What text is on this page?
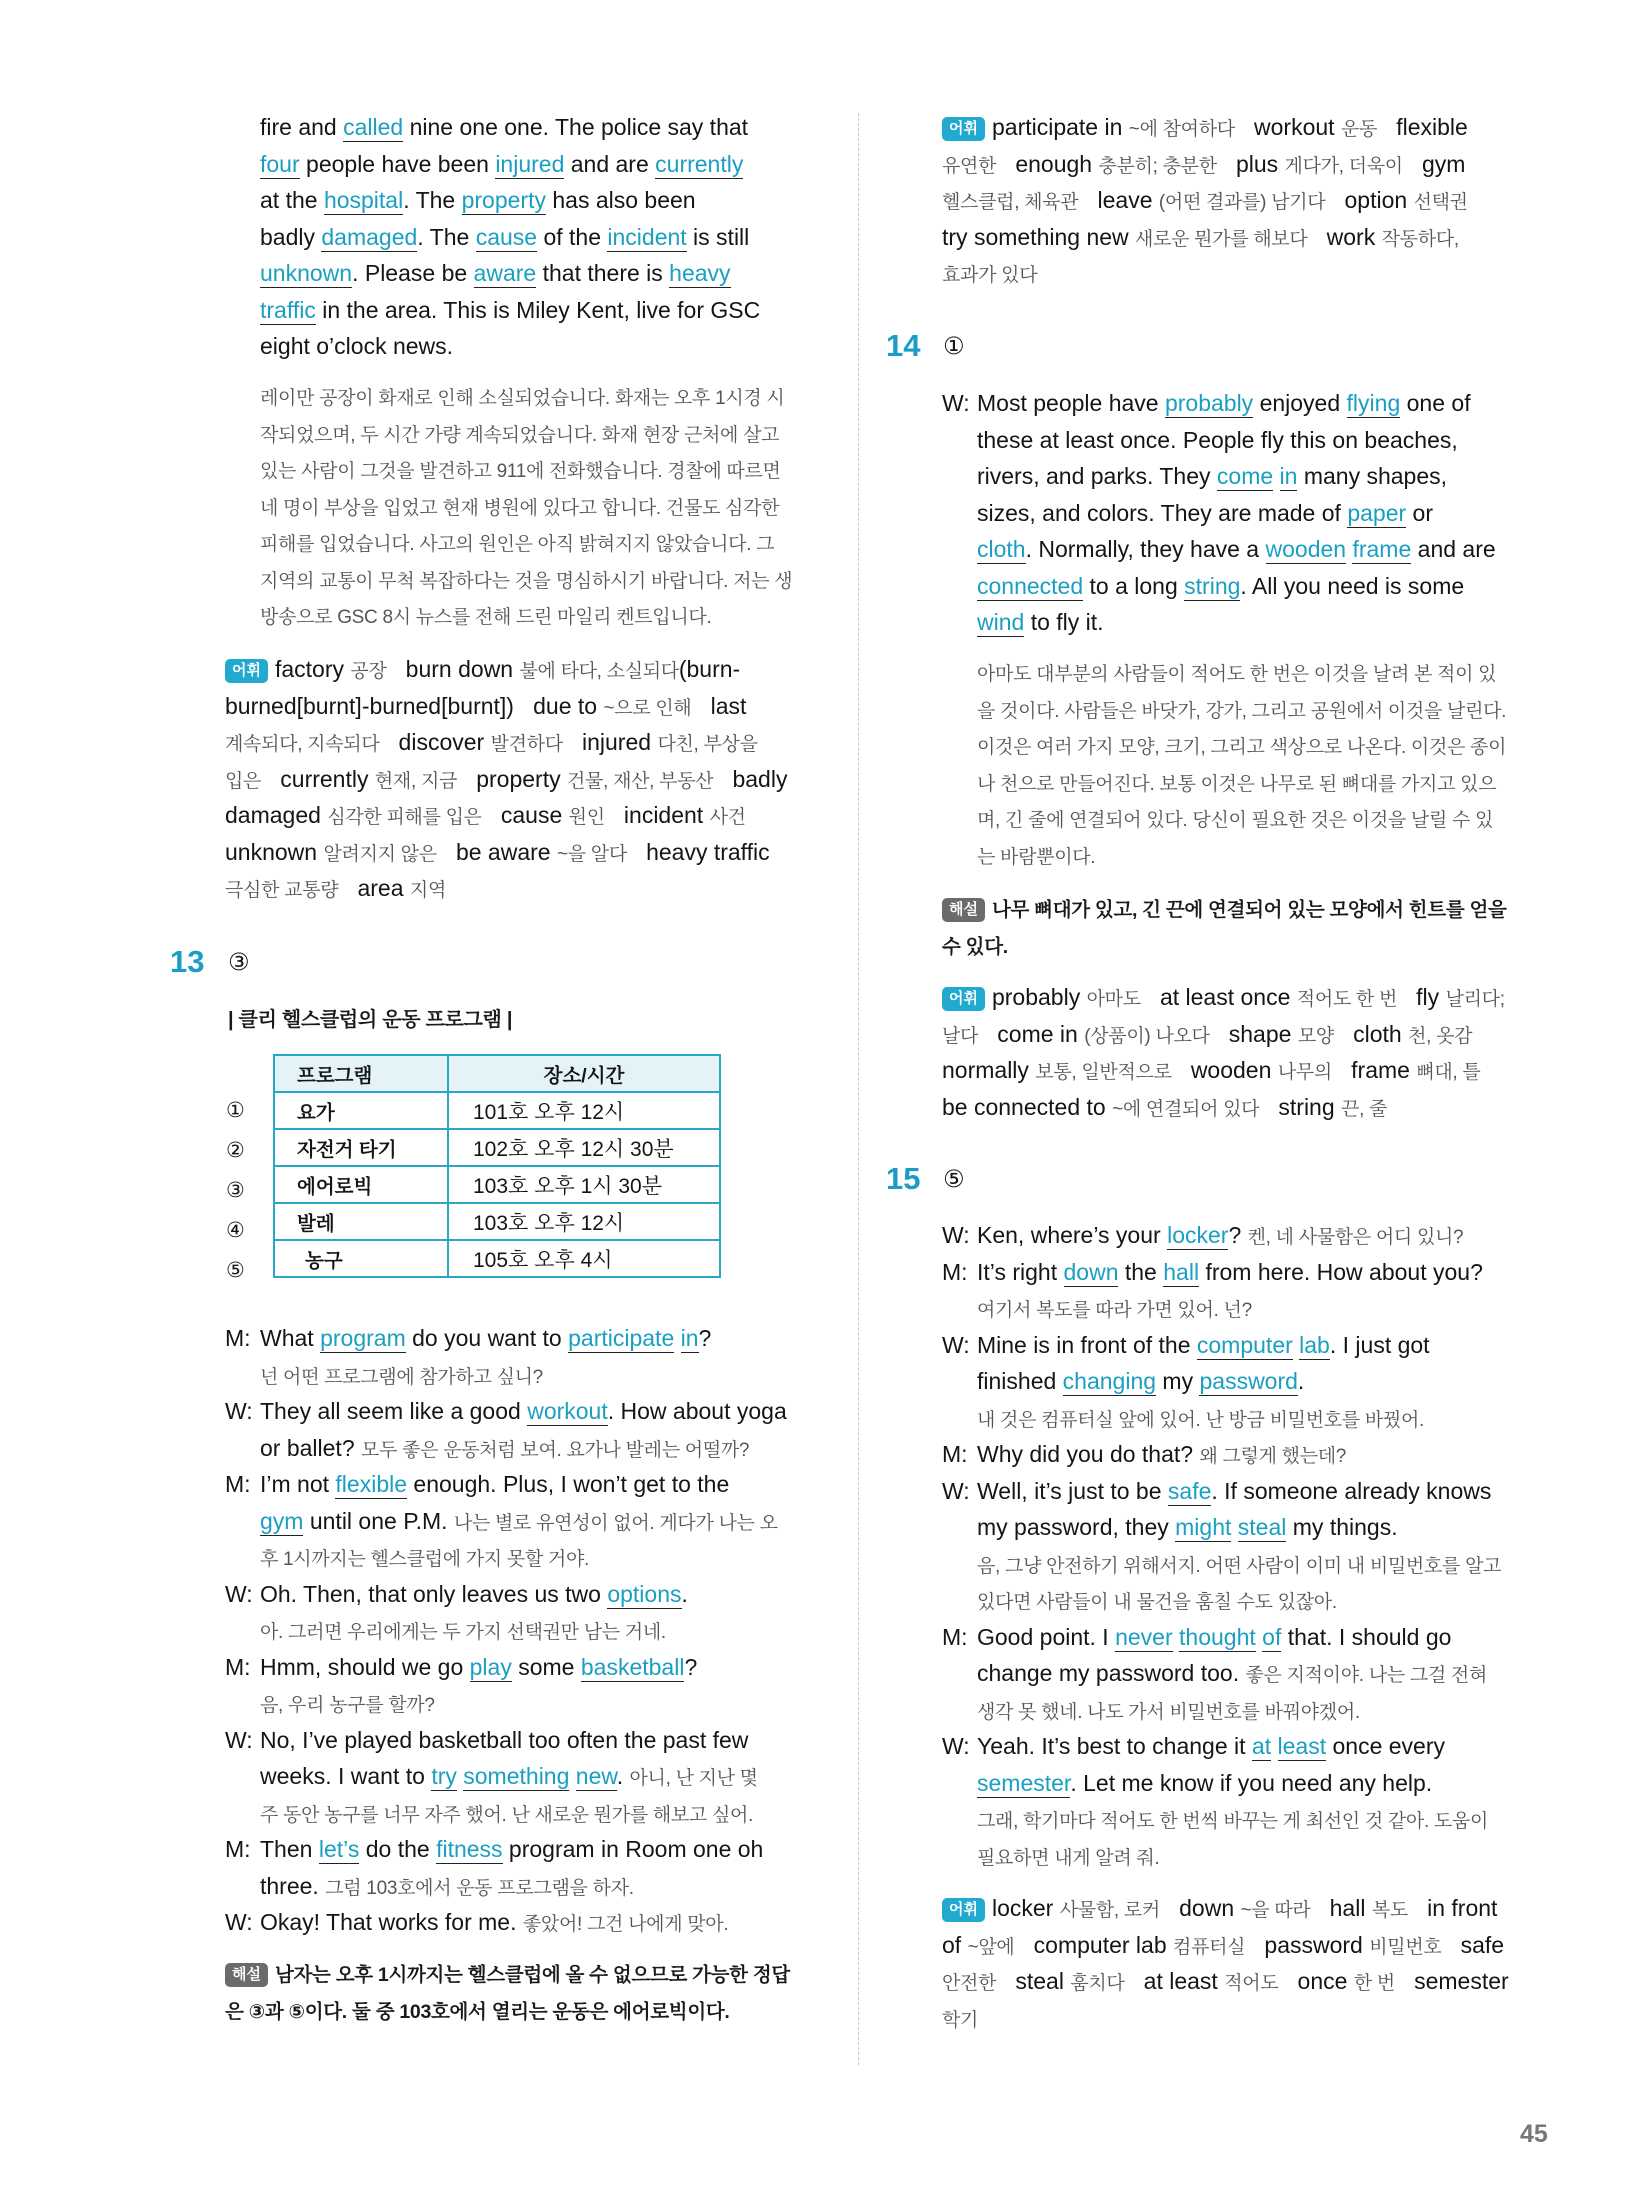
fire and called nine one one. The police say that
four people have been injured and are currently
at the hospital. The property has also been
badly damaged. The cause of the incident is still
unknown. Please be aware that there is heavy
traffic in the area. This is Miley Kent, live for GSC
eight o’clock news.
레이만 공장이 화재로 인해 소실되었습니다. 화재는 오후 1시경 시
작되었으며, 두 시간 가량 계속되었습니다. 화재 현장 근처에 살고
있는 사람이 그것을 발견하고 911에 전화했습니다. 경찰에 따르면
네 명이 부상을 입었고 현재 병원에 있다고 합니다. 건물도 심각한
피해를 입었습니다. 사고의 원인은 아직 밝혀지지 않았습니다. 그
지역의 교통이 무척 복잡하다는 것을 명심하시기 바랍니다. 저는 생
방송으로 GSC 8시 뉴스를 전해 드린 마일리 켄트입니다.
어휘 factory 공장   burn down 불에 타다, 소실되다(burn-
burned[burnt]-burned[burnt])   due to ~으로 인해   last
계속되다, 지속되다   discover 발견하다   injured 다친, 부상을
입은   currently 현재, 지금   property 건물, 재산, 부동산   badly
damaged 심각한 피해를 입은   cause 원인   incident 사건
unknown 알려지지 않은   be aware ~을 알다   heavy traffic
극심한 교통량   area 지역
13 ③
| 클리 헬스클럽의 운동 프로그램 |
①
②
③
④
⑤
프로그램	장소/시간
요가	101호 오후 12시
자전거 타기	102호 오후 12시 30분
에어로빅	103호 오후 1시 30분
발레	103호 오후 12시
농구	105호 오후 4시
M: What program do you want to participate in?
넌 어떤 프로그램에 참가하고 싶니?
W: They all seem like a good workout. How about yoga
or ballet? 모두 좋은 운동처럼 보여. 요가나 발레는 어떨까?
M: I’m not flexible enough. Plus, I won’t get to the
gym until one P.M. 나는 별로 유연성이 없어. 게다가 나는 오
후 1시까지는 헬스클럽에 가지 못할 거야.
W: Oh. Then, that only leaves us two options.
아. 그러면 우리에게는 두 가지 선택권만 남는 거네.
M: Hmm, should we go play some basketball?
음, 우리 농구를 할까?
W: No, I’ve played basketball too often the past few
weeks. I want to try something new. 아니, 난 지난 몇
주 동안 농구를 너무 자주 했어. 난 새로운 뭔가를 해보고 싶어.
M: Then let’s do the fitness program in Room one oh
three. 그럼 103호에서 운동 프로그램을 하자.
W: Okay! That works for me. 좋았어! 그건 나에게 맞아.
해설 남자는 오후 1시까지는 헬스클럽에 올 수 없으므로 가능한 정답
은 ③과 ⑤이다. 둘 중 103호에서 열리는 운동은 에어로빅이다.
어휘 participate in ~에 참여하다   workout 운동   flexible
유연한   enough 충분히; 충분한   plus 게다가, 더욱이   gym
헬스클럽, 체육관   leave (어떤 결과를) 남기다   option 선택권
try something new 새로운 뭔가를 해보다   work 작동하다,
효과가 있다
14 ①
W: Most people have probably enjoyed flying one of
these at least once. People fly this on beaches,
rivers, and parks. They come in many shapes,
sizes, and colors. They are made of paper or
cloth. Normally, they have a wooden frame and are
connected to a long string. All you need is some
wind to fly it.
아마도 대부분의 사람들이 적어도 한 번은 이것을 날려 본 적이 있
을 것이다. 사람들은 바닷가, 강가, 그리고 공원에서 이것을 날린다.
이것은 여러 가지 모양, 크기, 그리고 색상으로 나온다. 이것은 종이
나 천으로 만들어진다. 보통 이것은 나무로 된 뼈대를 가지고 있으
며, 긴 줄에 연결되어 있다. 당신이 필요한 것은 이것을 날릴 수 있
는 바람뿐이다.
해설 나무 뼈대가 있고, 긴 끈에 연결되어 있는 모양에서 힌트를 얻을
수 있다.
어휘 probably 아마도   at least once 적어도 한 번   fly 날리다;
날다   come in (상품이) 나오다   shape 모양   cloth 천, 옷감
normally 보통, 일반적으로   wooden 나무의   frame 뼈대, 틀
be connected to ~에 연결되어 있다   string 끈, 줄
15 ⑤
W: Ken, where’s your locker? 켄, 네 사물함은 어디 있니?
M: It’s right down the hall from here. How about you?
여기서 복도를 따라 가면 있어. 넌?
W: Mine is in front of the computer lab. I just got
finished changing my password.
내 것은 컴퓨터실 앞에 있어. 난 방금 비밀번호를 바꿨어.
M: Why did you do that? 왜 그렇게 했는데?
W: Well, it’s just to be safe. If someone already knows
my password, they might steal my things.
음, 그냥 안전하기 위해서지. 어떤 사람이 이미 내 비밀번호를 알고
있다면 사람들이 내 물건을 훔칠 수도 있잖아.
M: Good point. I never thought of that. I should go
change my password too. 좋은 지적이야. 나는 그걸 전혀
생각 못 했네. 나도 가서 비밀번호를 바꿔야겠어.
W: Yeah. It’s best to change it at least once every
semester. Let me know if you need any help.
그래, 학기마다 적어도 한 번씩 바꾸는 게 최선인 것 같아. 도움이
필요하면 내게 알려 줘.
어휘 locker 사물함, 로커   down ~을 따라   hall 복도   in front
of ~앞에   computer lab 컴퓨터실   password 비밀번호   safe
안전한   steal 훔치다   at least 적어도   once 한 번   semester
학기
45
